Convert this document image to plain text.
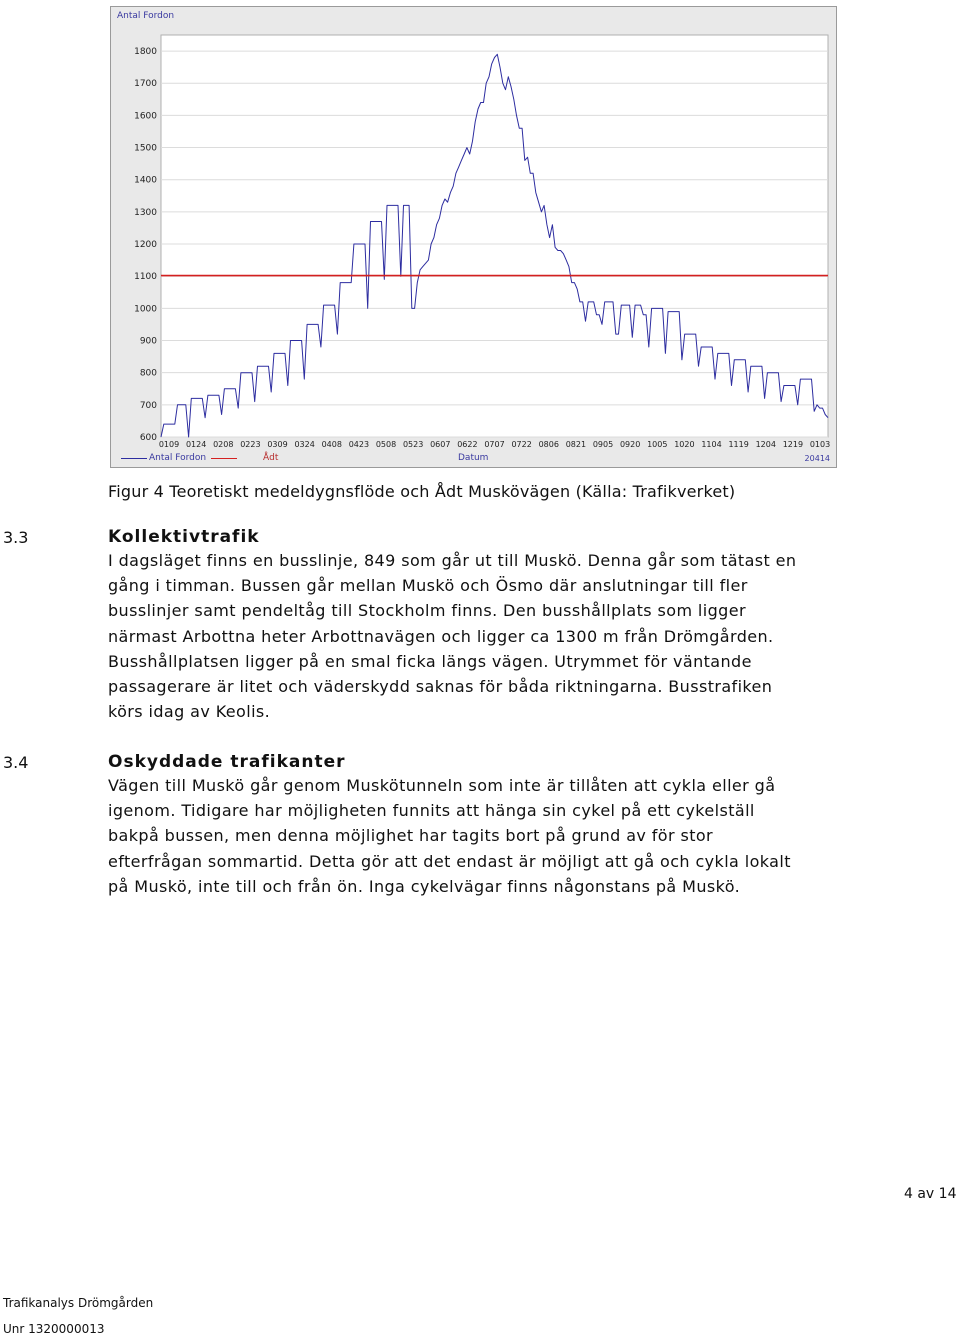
1800
1700
1600
1500
1400
1300
1200
1100
1000
900
800
700
600
0109 0124 0208 0223 0309 0324 0408 0423 0508 0523 0607 0622 0707 0722 0806 0821 0905 0920 1005 1020 1104 1119 1204 1219 0103
Antal Fordon
Antal Fordon	Ådt	Datum	20414
Figur 4 Teoretiskt medeldygnsflöde och Ådt Muskövägen (Källa: Trafikverket)
3.3	Kollektivtrafik
I dagsläget finns en busslinje, 849 som går ut till Muskö. Denna går som tätast en
gång i timman. Bussen går mellan Muskö och Ösmo där anslutningar till fler
busslinjer samt pendeltåg till Stockholm finns. Den busshållplats som ligger
närmast Arbottna heter Arbottnavägen och ligger ca 1300 m från Drömgården.
Busshållplatsen ligger på en smal ficka längs vägen. Utrymmet för väntande
passagerare är litet och väderskydd saknas för båda riktningarna. Busstrafiken
körs idag av Keolis.
3.4	Oskyddade trafikanter
Vägen till Muskö går genom Muskötunneln som inte är tillåten att cykla eller gå
igenom. Tidigare har möjligheten funnits att hänga sin cykel på ett cykelställ
bakpå bussen, men denna möjlighet har tagits bort på grund av för stor
efterfrågan sommartid. Detta gör att det endast är möjligt att gå och cykla lokalt
på Muskö, inte till och från ön. Inga cykelvägar finns någonstans på Muskö.
4 av 14
Trafikanalys Drömgården
Unr 1320000013
